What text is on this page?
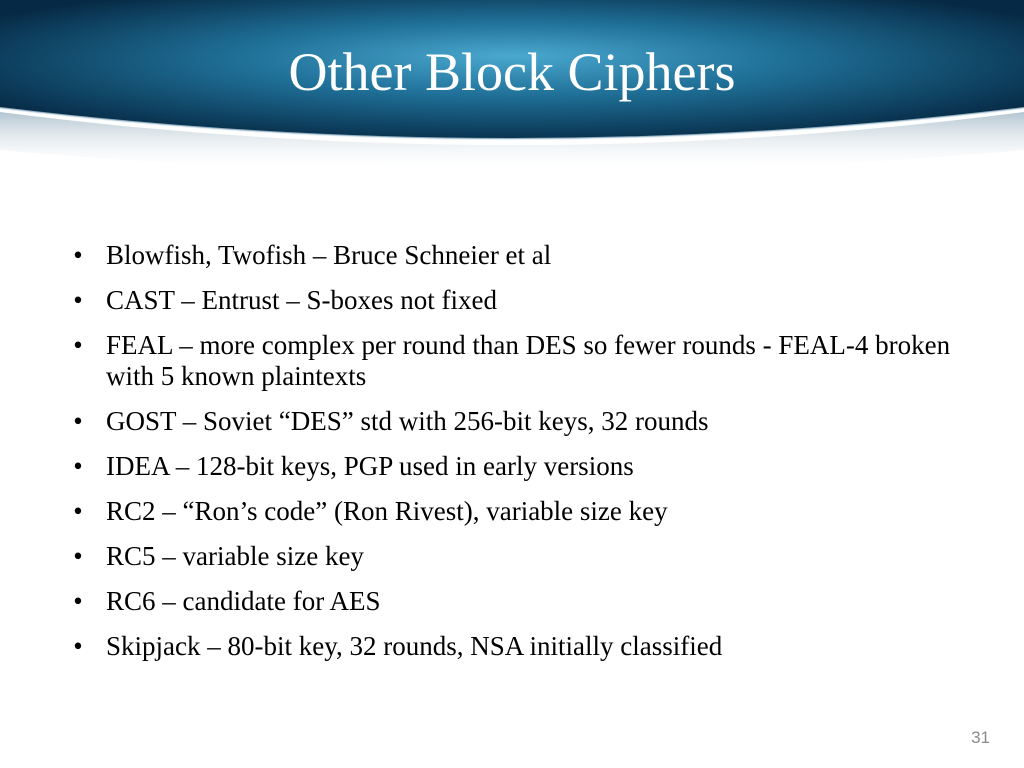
Other Block Ciphers
• Blowfish, Twofish – Bruce Schneier et al
• CAST – Entrust – S-boxes not fixed
• FEAL – more complex per round than DES so fewer rounds - FEAL-4 broken with 5 known plaintexts
• GOST – Soviet “DES” std with 256-bit keys, 32 rounds
• IDEA – 128-bit keys, PGP used in early versions
• RC2 – “Ron’s code” (Ron Rivest), variable size key
• RC5 – variable size key
• RC6 – candidate for AES
• Skipjack – 80-bit key, 32 rounds, NSA initially classified
31
